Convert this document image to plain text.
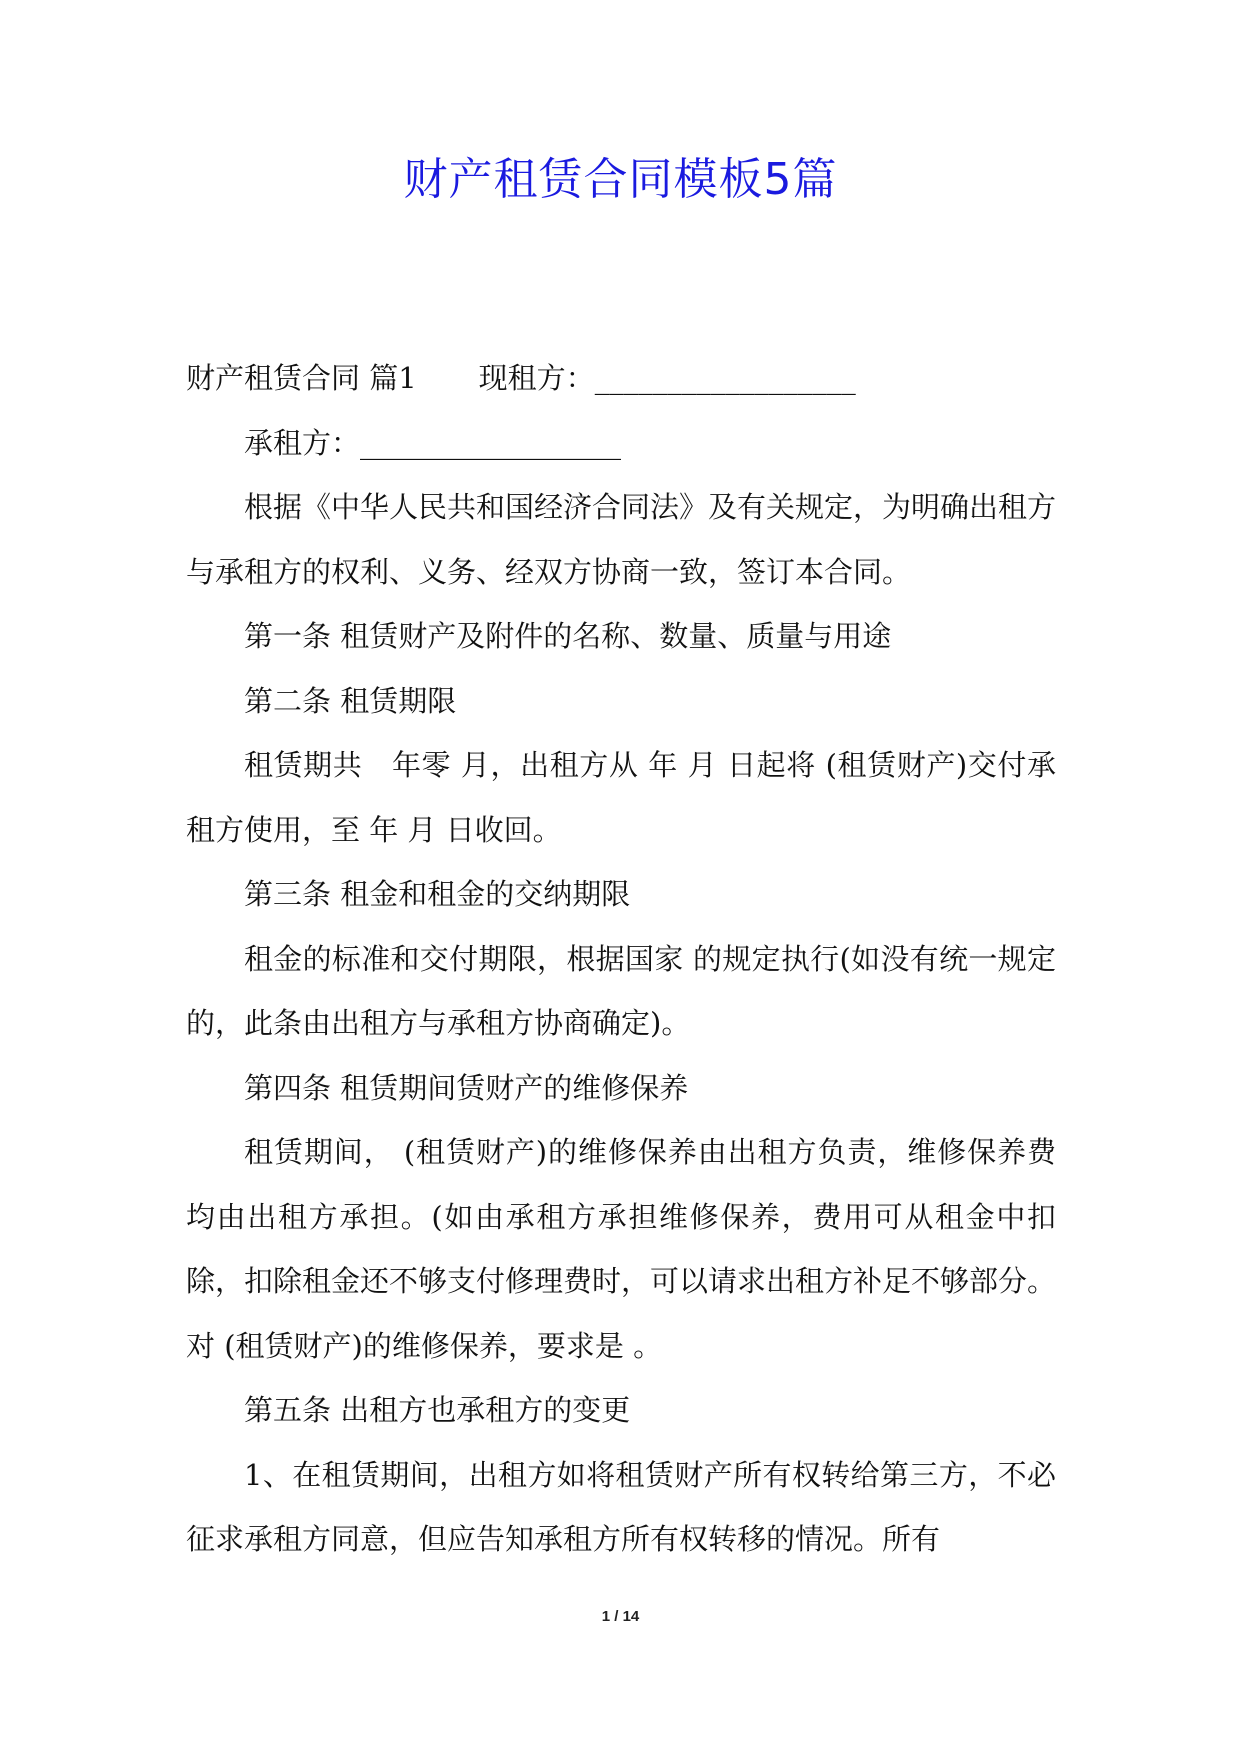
财产租赁合同模板5篇

财产租赁合同 篇1 现租方：__________________

承租方：__________________

根据《中华人民共和国经济合同法》及有关规定，为明确出租方与承租方的权利、义务、经双方协商一致，签订本合同。

第一条 租赁财产及附件的名称、数量、质量与用途

第二条 租赁期限

租赁期共　年零 月，出租方从 年 月 日起将 (租赁财产)交付承租方使用，至 年 月 日收回。

第三条 租金和租金的交纳期限

租金的标准和交付期限，根据国家 的规定执行(如没有统一规定的，此条由出租方与承租方协商确定)。

第四条 租赁期间赁财产的维修保养

租赁期间， (租赁财产)的维修保养由出租方负责，维修保养费均由出租方承担。(如由承租方承担维修保养，费用可从租金中扣除，扣除租金还不够支付修理费时，可以请求出租方补足不够部分。对 (租赁财产)的维修保养，要求是 。

第五条 出租方也承租方的变更

1、在租赁期间，出租方如将租赁财产所有权转给第三方，不必征求承租方同意，但应告知承租方所有权转移的情况。所有

1 / 14
